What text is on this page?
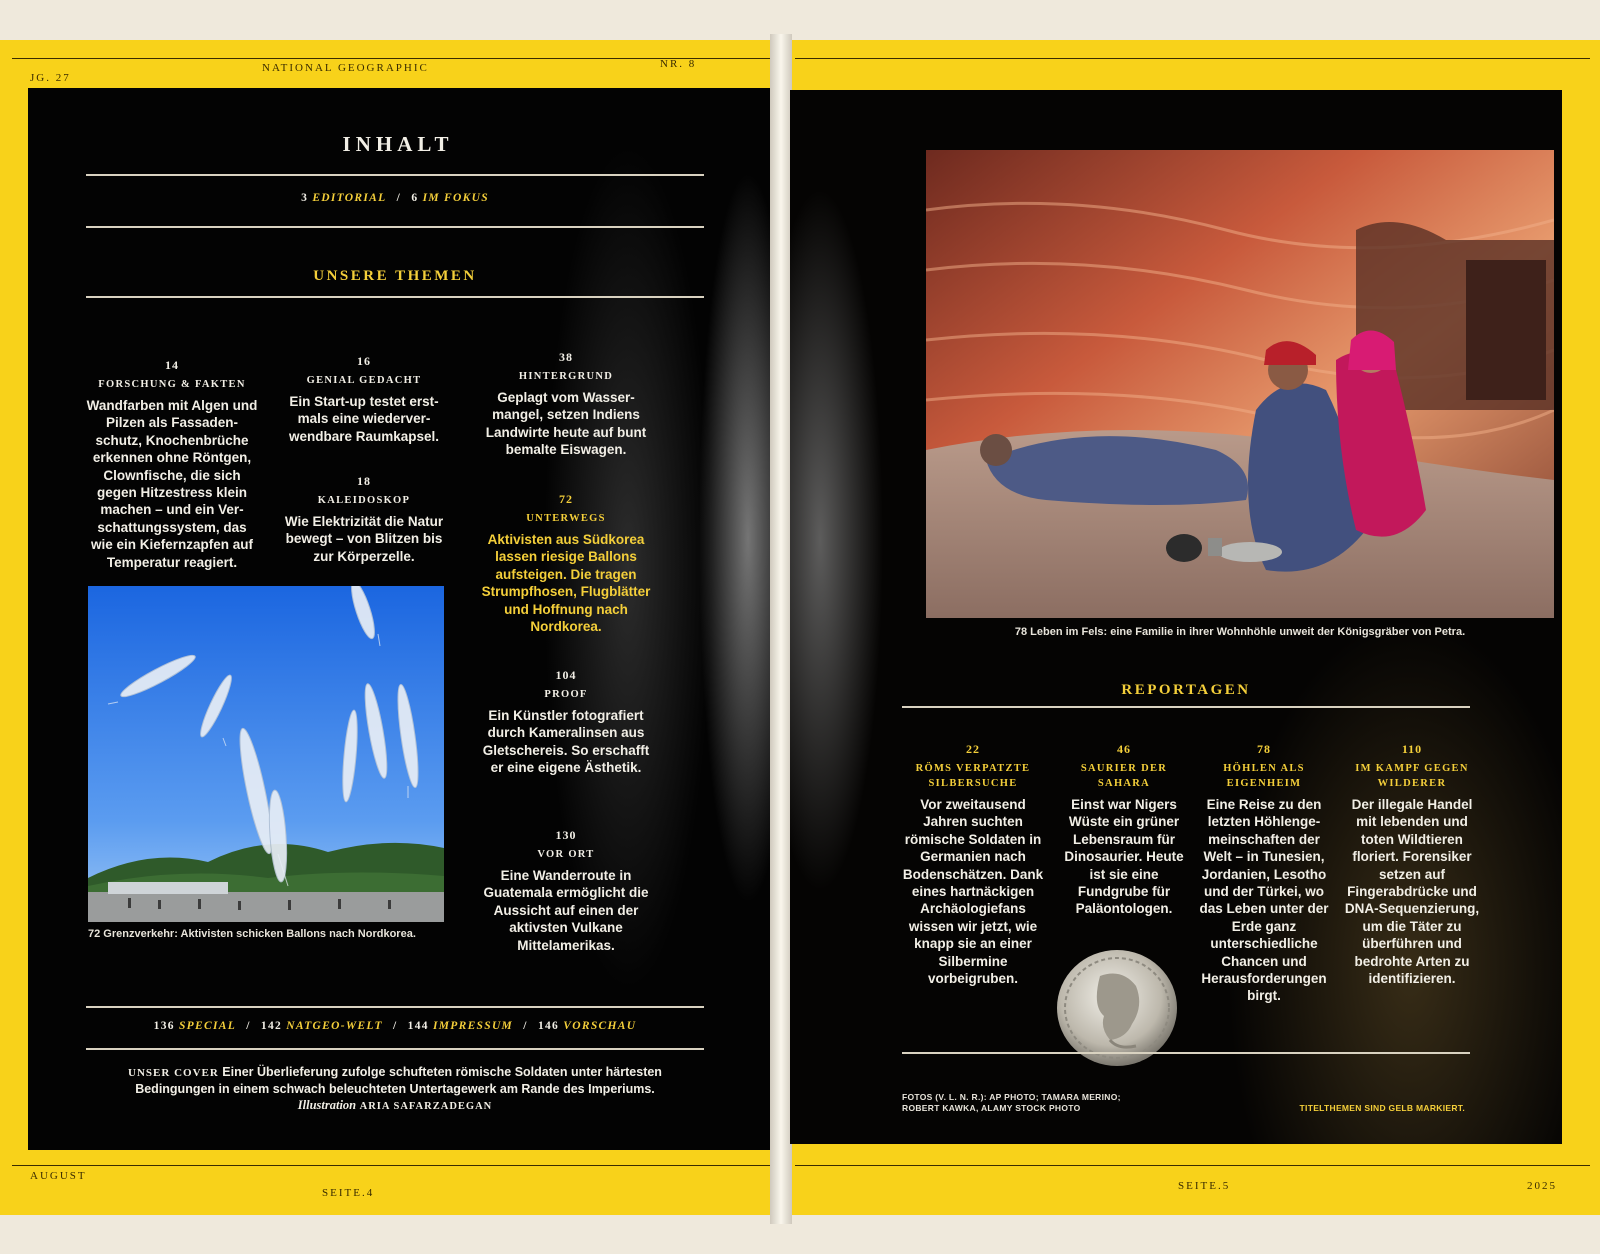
JG. 27
NATIONAL GEOGRAPHIC	NR. 8
AUGUST
SEITE.4
SEITE.5	2025
INHALT
3 EDITORIAL / 6 IM FOKUS
UNSERE THEMEN
14
FORSCHUNG & FAKTEN
Wandfarben mit Algen und Pilzen als Fassadenschutz, Knochenbrüche erkennen ohne Röntgen, Clownfische, die sich gegen Hitzestress klein machen – und ein Verschattungssystem, das wie ein Kiefernzapfen auf Temperatur reagiert.
16
GENIAL GEDACHT
Ein Start-up testet erstmals eine wiederverwendbare Raumkapsel.
18
KALEIDOSKOP
Wie Elektrizität die Natur bewegt – von Blitzen bis zur Körperzelle.
38
HINTERGRUND
Geplagt vom Wassermangel, setzen Indiens Landwirte heute auf bunt bemalte Eiswagen.
72
UNTERWEGS
Aktivisten aus Südkorea lassen riesige Ballons aufsteigen. Die tragen Strumpfhosen, Flugblätter und Hoffnung nach Nordkorea.
104
PROOF
Ein Künstler fotografiert durch Kameralinsen aus Gletschereis. So erschafft er eine eigene Ästhetik.
130
VOR ORT
Eine Wanderroute in Guatemala ermöglicht die Aussicht auf einen der aktivsten Vulkane Mittelamerikas.
72 Grenzverkehr: Aktivisten schicken Ballons nach Nordkorea.
136 SPECIAL / 142 NATGEO-WELT / 144 IMPRESSUM / 146 VORSCHAU
UNSER COVER Einer Überlieferung zufolge schufteten römische Soldaten unter härtesten Bedingungen in einem schwach beleuchteten Untertagewerk am Rande des Imperiums.
Illustration ARIA SAFARZADEGAN
78 Leben im Fels: eine Familie in ihrer Wohnhöhle unweit der Königsgräber von Petra.
REPORTAGEN
22
RÖMS VERPATZTE SILBERSUCHE
Vor zweitausend Jahren suchten römische Soldaten in Germanien nach Bodenschätzen. Dank eines hartnäckigen Archäologiefans wissen wir jetzt, wie knapp sie an einer Silbermine vorbeigruben.
46
SAURIER DER SAHARA
Einst war Nigers Wüste ein grüner Lebensraum für Dinosaurier. Heute ist sie eine Fundgrube für Paläontologen.
78
HÖHLEN ALS EIGENHEIM
Eine Reise zu den letzten Höhlengemeinschaften der Welt – in Tunesien, Jordanien, Lesotho und der Türkei, wo das Leben unter der Erde ganz unterschiedliche Chancen und Herausforderungen birgt.
110
IM KAMPF GEGEN WILDERER
Der illegale Handel mit lebenden und toten Wildtieren floriert. Forensiker setzen auf Fingerabdrücke und DNA-Sequenzierung, um die Täter zu überführen und bedrohte Arten zu identifizieren.
FOTOS (V. L. N. R.): AP PHOTO; TAMARA MERINO;
ROBERT KAWKA, ALAMY STOCK PHOTO	TITELTHEMEN SIND GELB MARKIERT.
